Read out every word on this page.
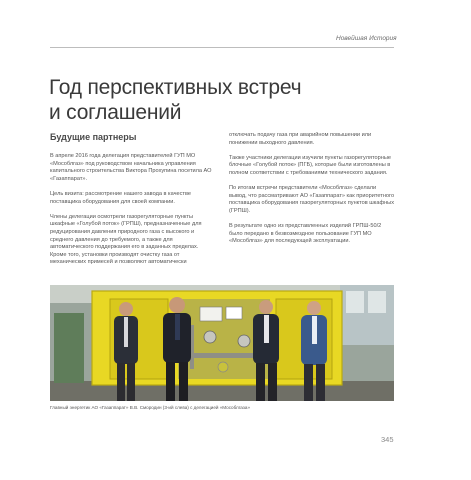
Новейшая История
Год перспективных встреч
и соглашений
Будущие партнеры

В апреле 2016 года делегация представителей ГУП МО «Мособлгаз» под руководством начальника управления капитального строительства Виктора Прохупина посетила АО «Газаппарат».

Цель визита: рассмотрение нашего завода в качестве поставщика оборудования для своей компании.

Члены делегации осмотрели газорегуляторные пункты шкафные «Голубой поток» (ГРПШ), предназначенные для редуцирования давления природного газа с высокого и среднего давления до требуемого, а также для автоматического поддержания его в заданных пределах. Кроме того, установки производят очистку газа от механических примесей и позволяют автоматически

отключать подачу газа при аварийном повышении или понижении выходного давления.

Также участники делегации изучили пункты газорегуляторные блочные «Голубой поток» (ПГБ), которые были изготовлены в полном соответствии с требованиями технического задания.

По итогам встречи представители «Мособлгаз» сделали вывод, что рассматривают АО «Газаппарат» как приоритетного поставщика оборудования газорегуляторных пунктов шкафных (ГРПШ).

В результате одно из представленных изделий ГРПШ-50/2 было передано в безвозмездное пользование ГУП МО «Мособлгаз» для последующей эксплуатации.

Главный энергетик АО «Газаппарат» В.В. Смородин (3-ий слева) с делегацией «Мособлгаза»
345
